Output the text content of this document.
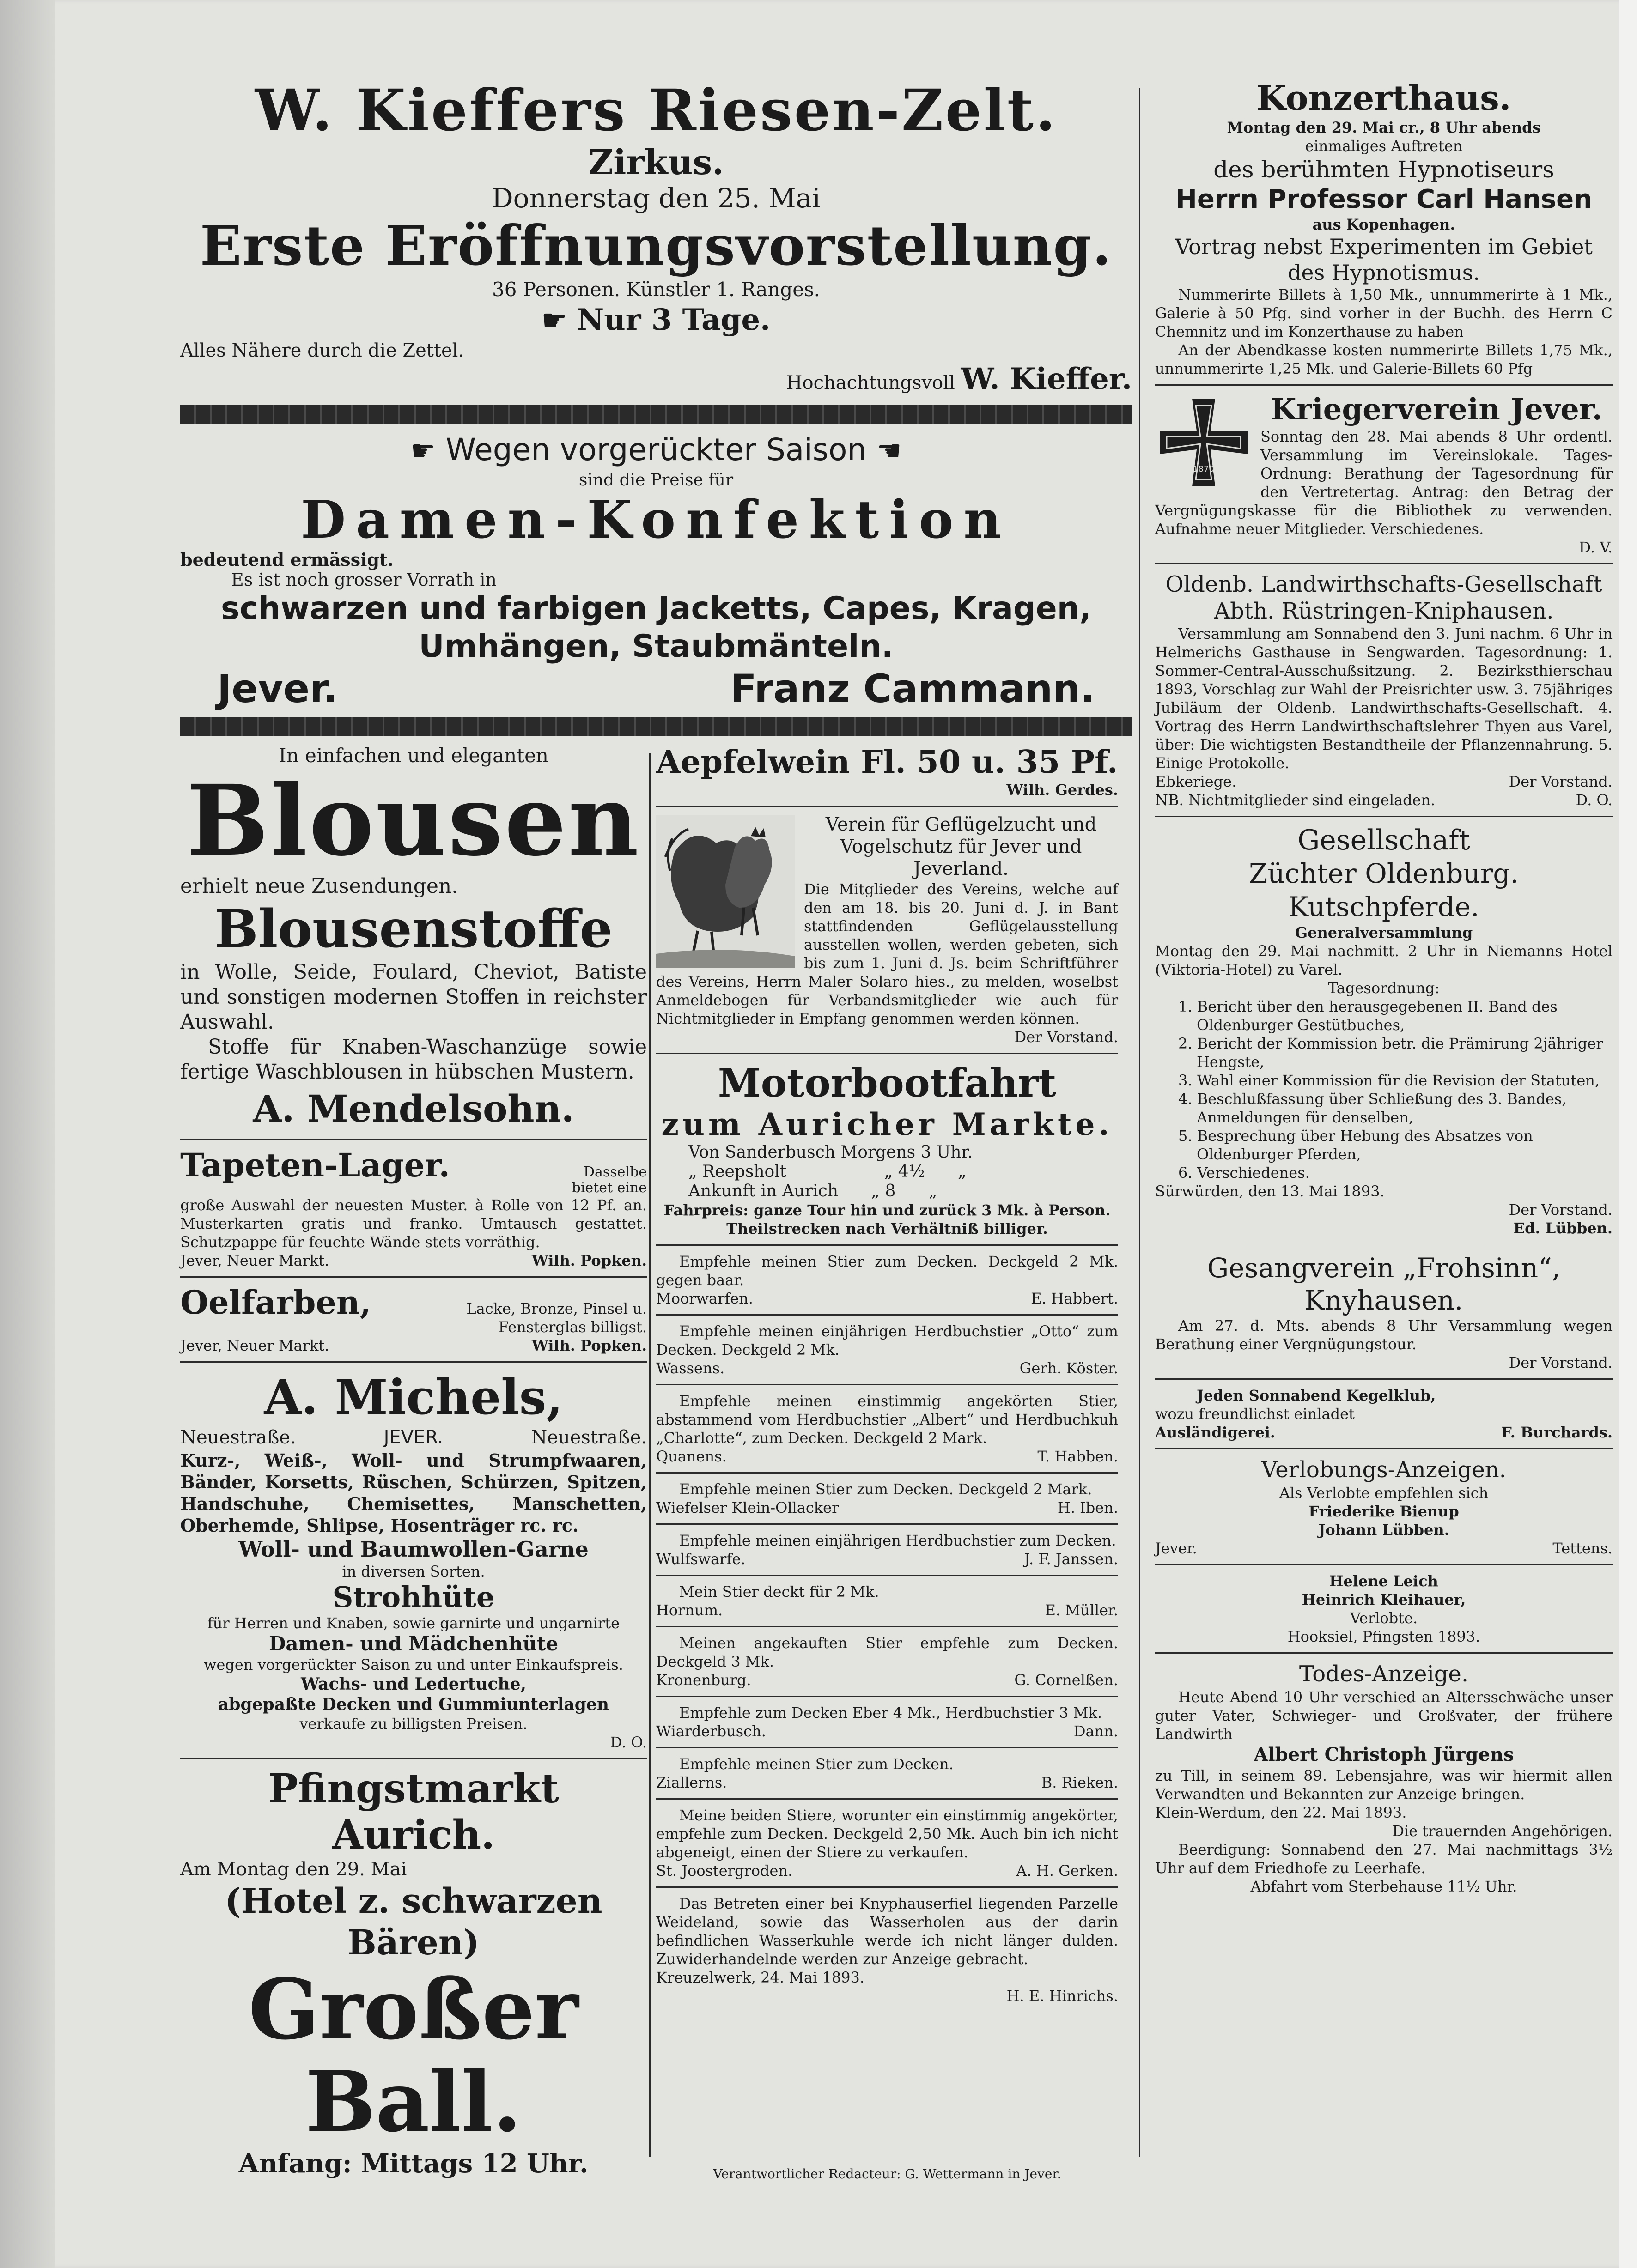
W. Kieffers Riesen-Zelt.
Zirkus.
Donnerstag den 25. Mai
Erste Eröffnungsvorstellung.
36 Personen. Künstler 1. Ranges.
☛ Nur 3 Tage.
Alles Nähere durch die Zettel.
Hochachtungsvoll W. Kieffer.
☛ Wegen vorgerückter Saison ☚
sind die Preise für
Damen-Konfektion
bedeutend ermässigt.
Es ist noch grosser Vorrath in
schwarzen und farbigen Jacketts, Capes, Kragen,
Umhängen, Staubmänteln.
Jever.	Franz Cammann.
In einfachen und eleganten
Blousen
erhielt neue Zusendungen.
Blousenstoffe
in Wolle, Seide, Foulard, Cheviot, Batiste und sonstigen modernen Stoffen in reichster Auswahl.
Stoffe für Knaben-Waschanzüge sowie fertige Waschblousen in hübschen Mustern.
A. Mendelsohn.
Tapeten-Lager.	Dasselbe bietet eine
große Auswahl der neuesten Muster. à Rolle von 12 Pf. an. Musterkarten gratis und franko. Umtausch gestattet. Schutzpappe für feuchte Wände stets vorräthig.
Jever, Neuer Markt.	Wilh. Popken.
Oelfarben,	Lacke, Bronze, Pinsel u. Fensterglas billigst.
Jever, Neuer Markt.	Wilh. Popken.
A. Michels,
Neuestraße.	JEVER.	Neuestraße.
Kurz-, Weiß-, Woll- und Strumpfwaaren, Bänder, Korsetts, Rüschen, Schürzen, Spitzen, Handschuhe, Chemisettes, Manschetten, Oberhemde, Shlipse, Hosenträger rc. rc.
Woll- und Baumwollen-Garne
in diversen Sorten.
Strohhüte
für Herren und Knaben, sowie garnirte und ungarnirte
Damen- und Mädchenhüte
wegen vorgerückter Saison zu und unter Einkaufspreis.
Wachs- und Ledertuche,
abgepaßte Decken und Gummiunterlagen
verkaufe zu billigsten Preisen.
D. O.
Pfingstmarkt Aurich.
Am Montag den 29. Mai
(Hotel z. schwarzen Bären)
Großer Ball.
Anfang: Mittags 12 Uhr.
Aepfelwein Fl. 50 u. 35 Pf.
Wilh. Gerdes.
Verein für Geflügelzucht und Vogelschutz für Jever und Jeverland.
Die Mitglieder des Vereins, welche auf den am 18. bis 20. Juni d. J. in Bant stattfindenden Geflügelausstellung ausstellen wollen, werden gebeten, sich bis zum 1. Juni d. Js. beim Schriftführer des Vereins, Herrn Maler Solaro hies., zu melden, woselbst Anmeldebogen für Verbandsmitglieder wie auch für Nichtmitglieder in Empfang genommen werden können.
Der Vorstand.
Motorbootfahrt
zum Auricher Markte.
Von Sanderbusch Morgens 3 Uhr.
„ Reepsholt	„ 4½ „
Ankunft in Aurich „ 8 „
Fahrpreis: ganze Tour hin und zurück 3 Mk. à Person.
Theilstrecken nach Verhältniß billiger.
Empfehle meinen Stier zum Decken. Deckgeld 2 Mk. gegen baar.
Moorwarfen.	E. Habbert.
Empfehle meinen einjährigen Herdbuchstier „Otto“ zum Decken. Deckgeld 2 Mk.
Wassens.	Gerh. Köster.
Empfehle meinen einstimmig angekörten Stier, abstammend vom Herdbuchstier „Albert“ und Herdbuchkuh „Charlotte“, zum Decken. Deckgeld 2 Mark.
Quanens.	T. Habben.
Empfehle meinen Stier zum Decken. Deckgeld 2 Mark.
Wiefelser Klein-Ollacker	H. Iben.
Empfehle meinen einjährigen Herdbuchstier zum Decken.
Wulfswarfe.	J. F. Janssen.
Mein Stier deckt für 2 Mk.
Hornum.	E. Müller.
Meinen angekauften Stier empfehle zum Decken. Deckgeld 3 Mk.
Kronenburg.	G. Cornelßen.
Empfehle zum Decken Eber 4 Mk., Herdbuchstier 3 Mk.
Wiarderbusch.	Dann.
Empfehle meinen Stier zum Decken.
Ziallerns.	B. Rieken.
Meine beiden Stiere, worunter ein einstimmig angekörter, empfehle zum Decken. Deckgeld 2,50 Mk. Auch bin ich nicht abgeneigt, einen der Stiere zu verkaufen.
St. Joostergroden.	A. H. Gerken.
Das Betreten einer bei Knyphauserfiel liegenden Parzelle Weideland, sowie das Wasserholen aus der darin befindlichen Wasserkuhle werde ich nicht länger dulden. Zuwiderhandelnde werden zur Anzeige gebracht.
Kreuzelwerk, 24. Mai 1893.
H. E. Hinrichs.
Verantwortlicher Redacteur: G. Wettermann in Jever.
Konzerthaus.
Montag den 29. Mai cr., 8 Uhr abends
einmaliges Auftreten
des berühmten Hypnotiseurs
Herrn Professor Carl Hansen
aus Kopenhagen.
Vortrag nebst Experimenten im Gebiet des Hypnotismus.
Nummerirte Billets à 1,50 Mk., unnummerirte à 1 Mk., Galerie à 50 Pfg. sind vorher in der Buchh. des Herrn C Chemnitz und im Konzerthause zu haben
An der Abendkasse kosten nummerirte Billets 1,75 Mk., unnummerirte 1,25 Mk. und Galerie-Billets 60 Pfg
1870
Kriegerverein Jever.
Sonntag den 28. Mai abends 8 Uhr ordentl. Versammlung im Vereinslokale. Tages-Ordnung: Berathung der Tagesordnung für den Vertretertag. Antrag: den Betrag der Vergnügungskasse für die Bibliothek zu verwenden. Aufnahme neuer Mitglieder. Verschiedenes.
D. V.
Oldenb. Landwirthschafts-Gesellschaft
Abth. Rüstringen-Kniphausen.
Versammlung am Sonnabend den 3. Juni nachm. 6 Uhr in Helmerichs Gasthause in Sengwarden. Tagesordnung: 1. Sommer-Central-Ausschußsitzung. 2. Bezirksthierschau 1893, Vorschlag zur Wahl der Preisrichter usw. 3. 75jähriges Jubiläum der Oldenb. Landwirthschafts-Gesellschaft. 4. Vortrag des Herrn Landwirthschaftslehrer Thyen aus Varel, über: Die wichtigsten Bestandtheile der Pflanzennahrung. 5. Einige Protokolle.
Ebkeriege.	Der Vorstand.
NB. Nichtmitglieder sind eingeladen.	D. O.
Gesellschaft
Züchter Oldenburg. Kutschpferde.
Generalversammlung
Montag den 29. Mai nachmitt. 2 Uhr in Niemanns Hotel (Viktoria-Hotel) zu Varel.
Tagesordnung:
1. Bericht über den herausgegebenen II. Band des Oldenburger Gestütbuches,
2. Bericht der Kommission betr. die Prämirung 2jähriger Hengste,
3. Wahl einer Kommission für die Revision der Statuten,
4. Beschlußfassung über Schließung des 3. Bandes, Anmeldungen für denselben,
5. Besprechung über Hebung des Absatzes von Oldenburger Pferden,
6. Verschiedenes.
Sürwürden, den 13. Mai 1893.
Der Vorstand.
Ed. Lübben.
Gesangverein „Frohsinn“,
Knyhausen.
Am 27. d. Mts. abends 8 Uhr Versammlung wegen Berathung einer Vergnügungstour.
Der Vorstand.
Jeden Sonnabend Kegelklub,
wozu freundlichst einladet
Ausländigerei.	F. Burchards.
Verlobungs-Anzeigen.
Als Verlobte empfehlen sich
Friederike Bienup
Johann Lübben.
Jever.	Tettens.
Helene Leich
Heinrich Kleihauer,
Verlobte.
Hooksiel, Pfingsten 1893.
Todes-Anzeige.
Heute Abend 10 Uhr verschied an Altersschwäche unser guter Vater, Schwieger- und Großvater, der frühere Landwirth
Albert Christoph Jürgens
zu Till, in seinem 89. Lebensjahre, was wir hiermit allen Verwandten und Bekannten zur Anzeige bringen.
Klein-Werdum, den 22. Mai 1893.
Die trauernden Angehörigen.
Beerdigung: Sonnabend den 27. Mai nachmittags 3½ Uhr auf dem Friedhofe zu Leerhafe.
Abfahrt vom Sterbehause 11½ Uhr.
